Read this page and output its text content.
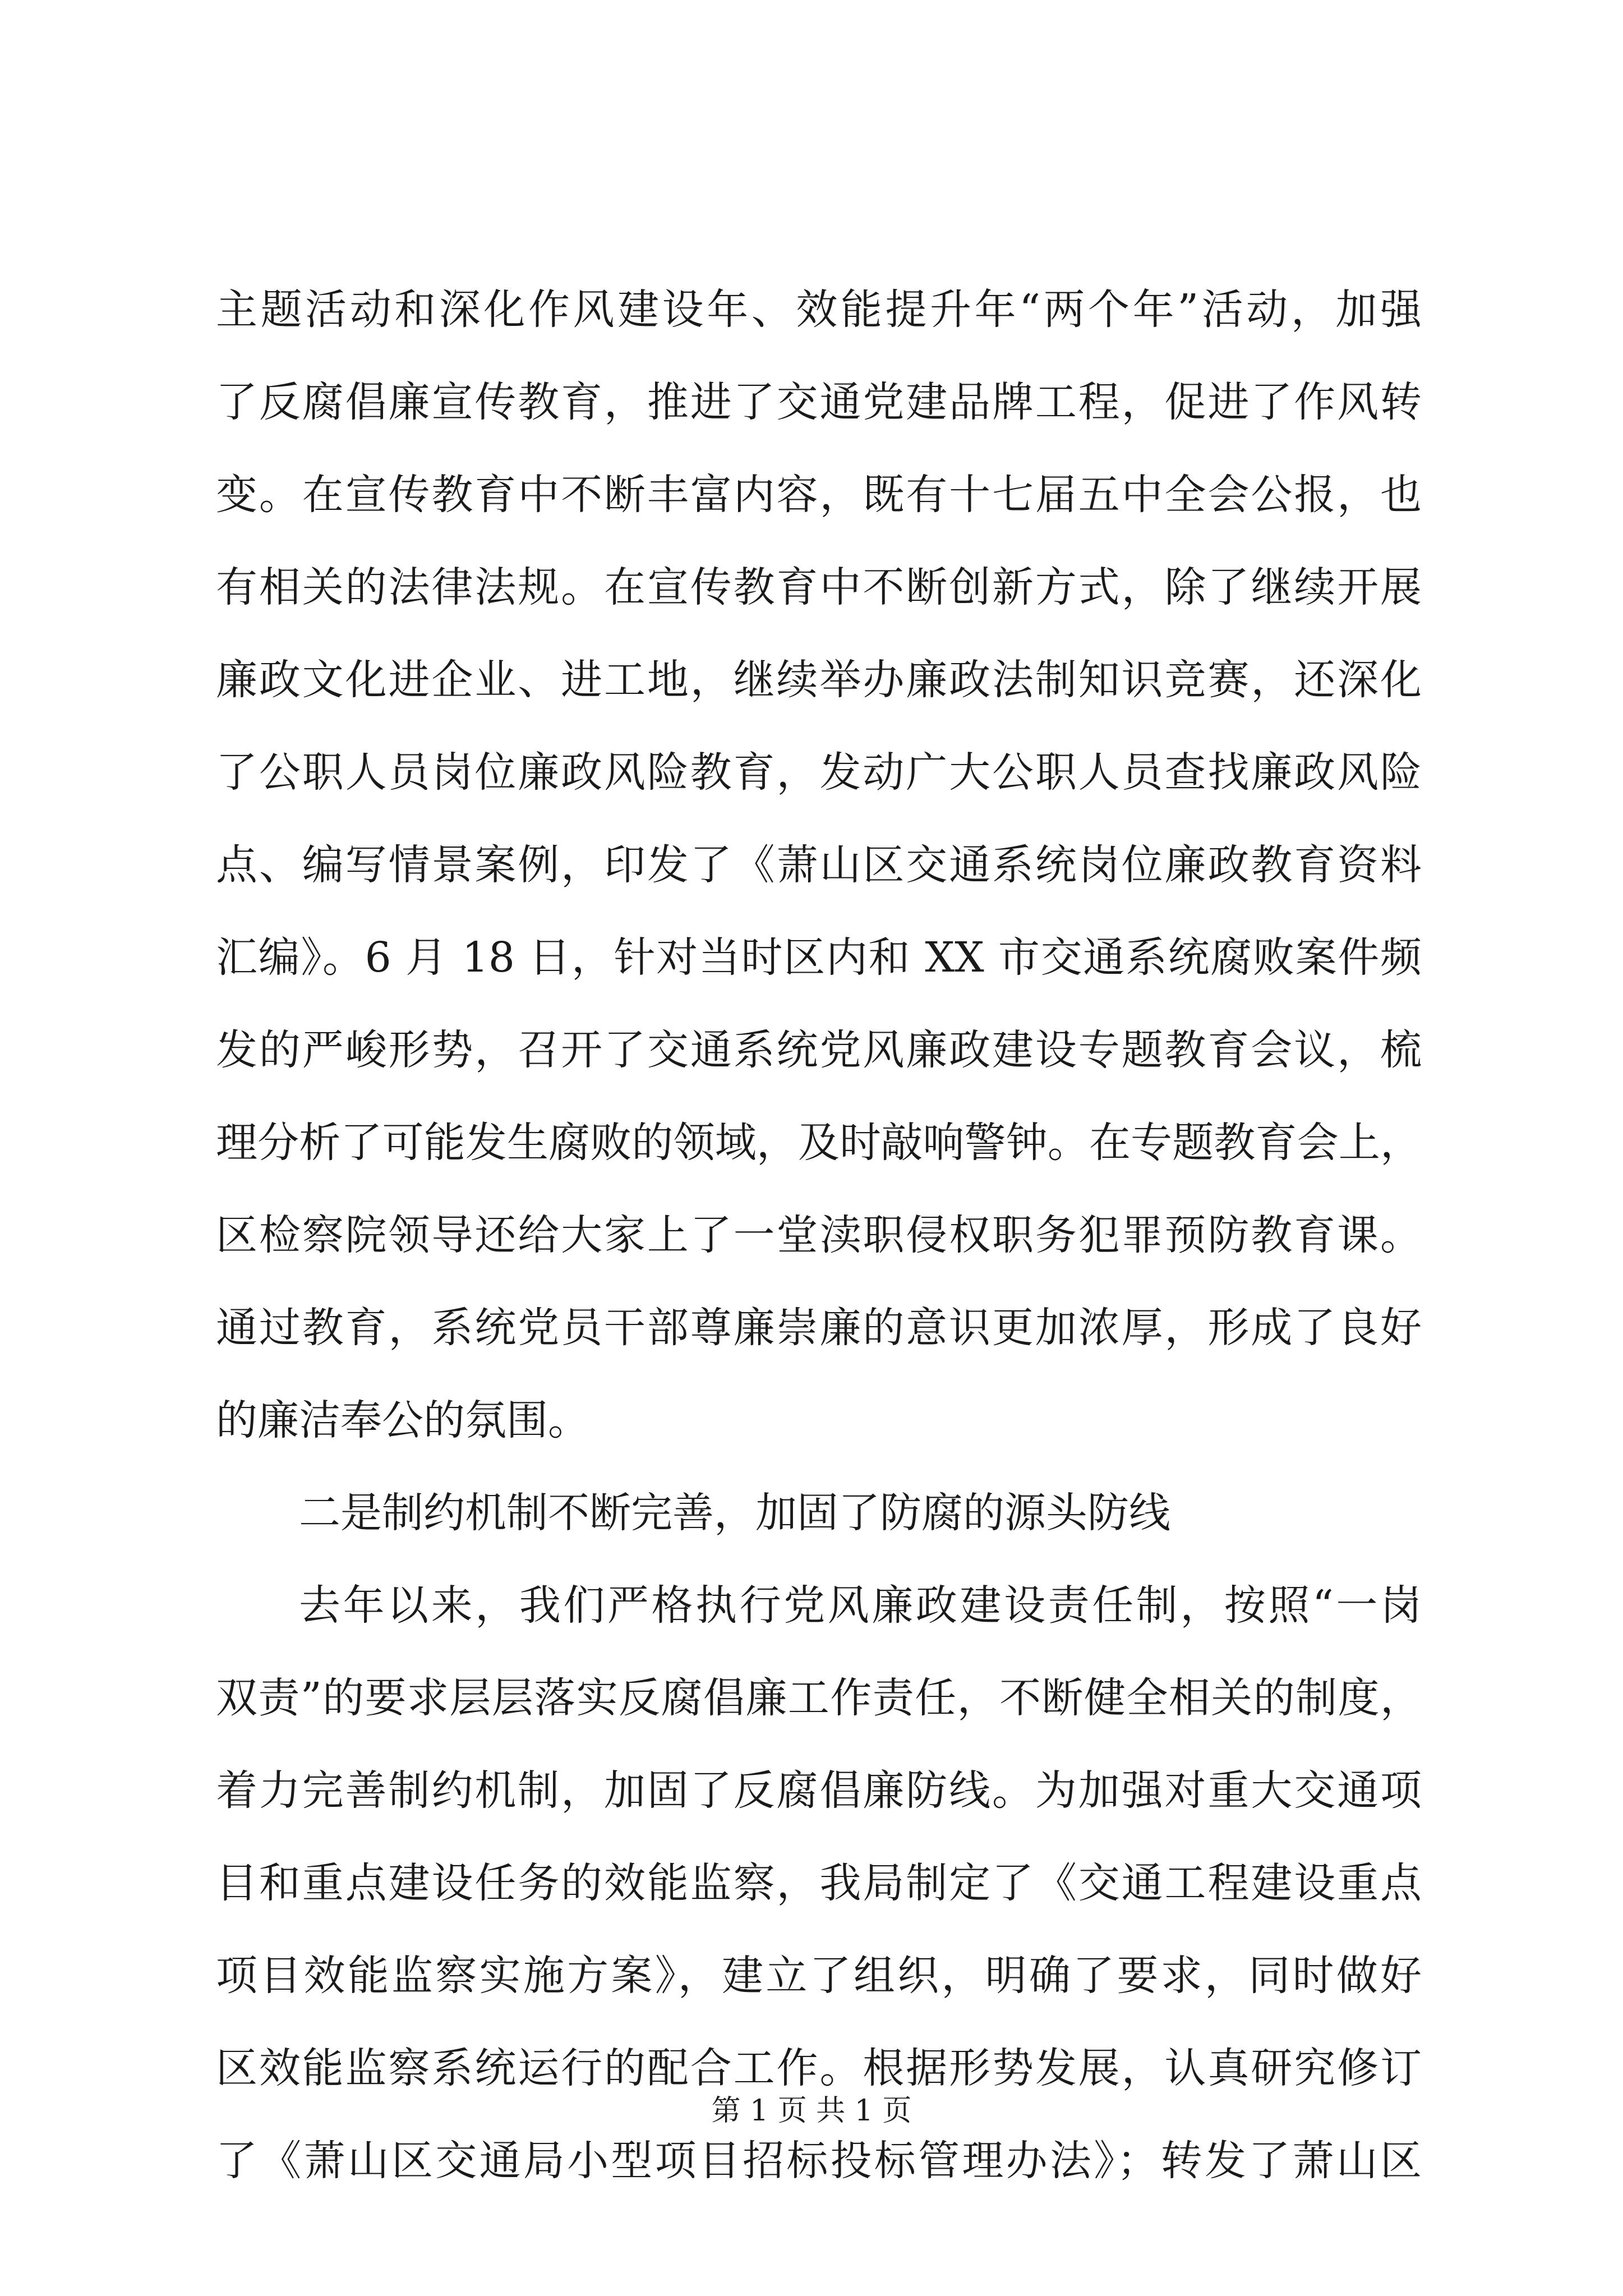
主题活动和深化作风建设年、效能提升年“两个年”活动，加强
了反腐倡廉宣传教育，推进了交通党建品牌工程，促进了作风转
变。在宣传教育中不断丰富内容，既有十七届五中全会公报，也
有相关的法律法规。在宣传教育中不断创新方式，除了继续开展
廉政文化进企业、进工地，继续举办廉政法制知识竞赛，还深化
了公职人员岗位廉政风险教育，发动广大公职人员查找廉政风险
点、编写情景案例，印发了《萧山区交通系统岗位廉政教育资料
汇编》。6 月 18 日，针对当时区内和 XX 市交通系统腐败案件频
发的严峻形势，召开了交通系统党风廉政建设专题教育会议，梳
理分析了可能发生腐败的领域，及时敲响警钟。在专题教育会上，
区检察院领导还给大家上了一堂渎职侵权职务犯罪预防教育课。
通过教育，系统党员干部尊廉崇廉的意识更加浓厚，形成了良好
的廉洁奉公的氛围。
二是制约机制不断完善，加固了防腐的源头防线
去年以来，我们严格执行党风廉政建设责任制，按照“一岗
双责”的要求层层落实反腐倡廉工作责任，不断健全相关的制度，
着力完善制约机制，加固了反腐倡廉防线。为加强对重大交通项
目和重点建设任务的效能监察，我局制定了《交通工程建设重点
项目效能监察实施方案》，建立了组织，明确了要求，同时做好
区效能监察系统运行的配合工作。根据形势发展，认真研究修订
了《萧山区交通局小型项目招标投标管理办法》；转发了萧山区
第 1 页 共 1 页
